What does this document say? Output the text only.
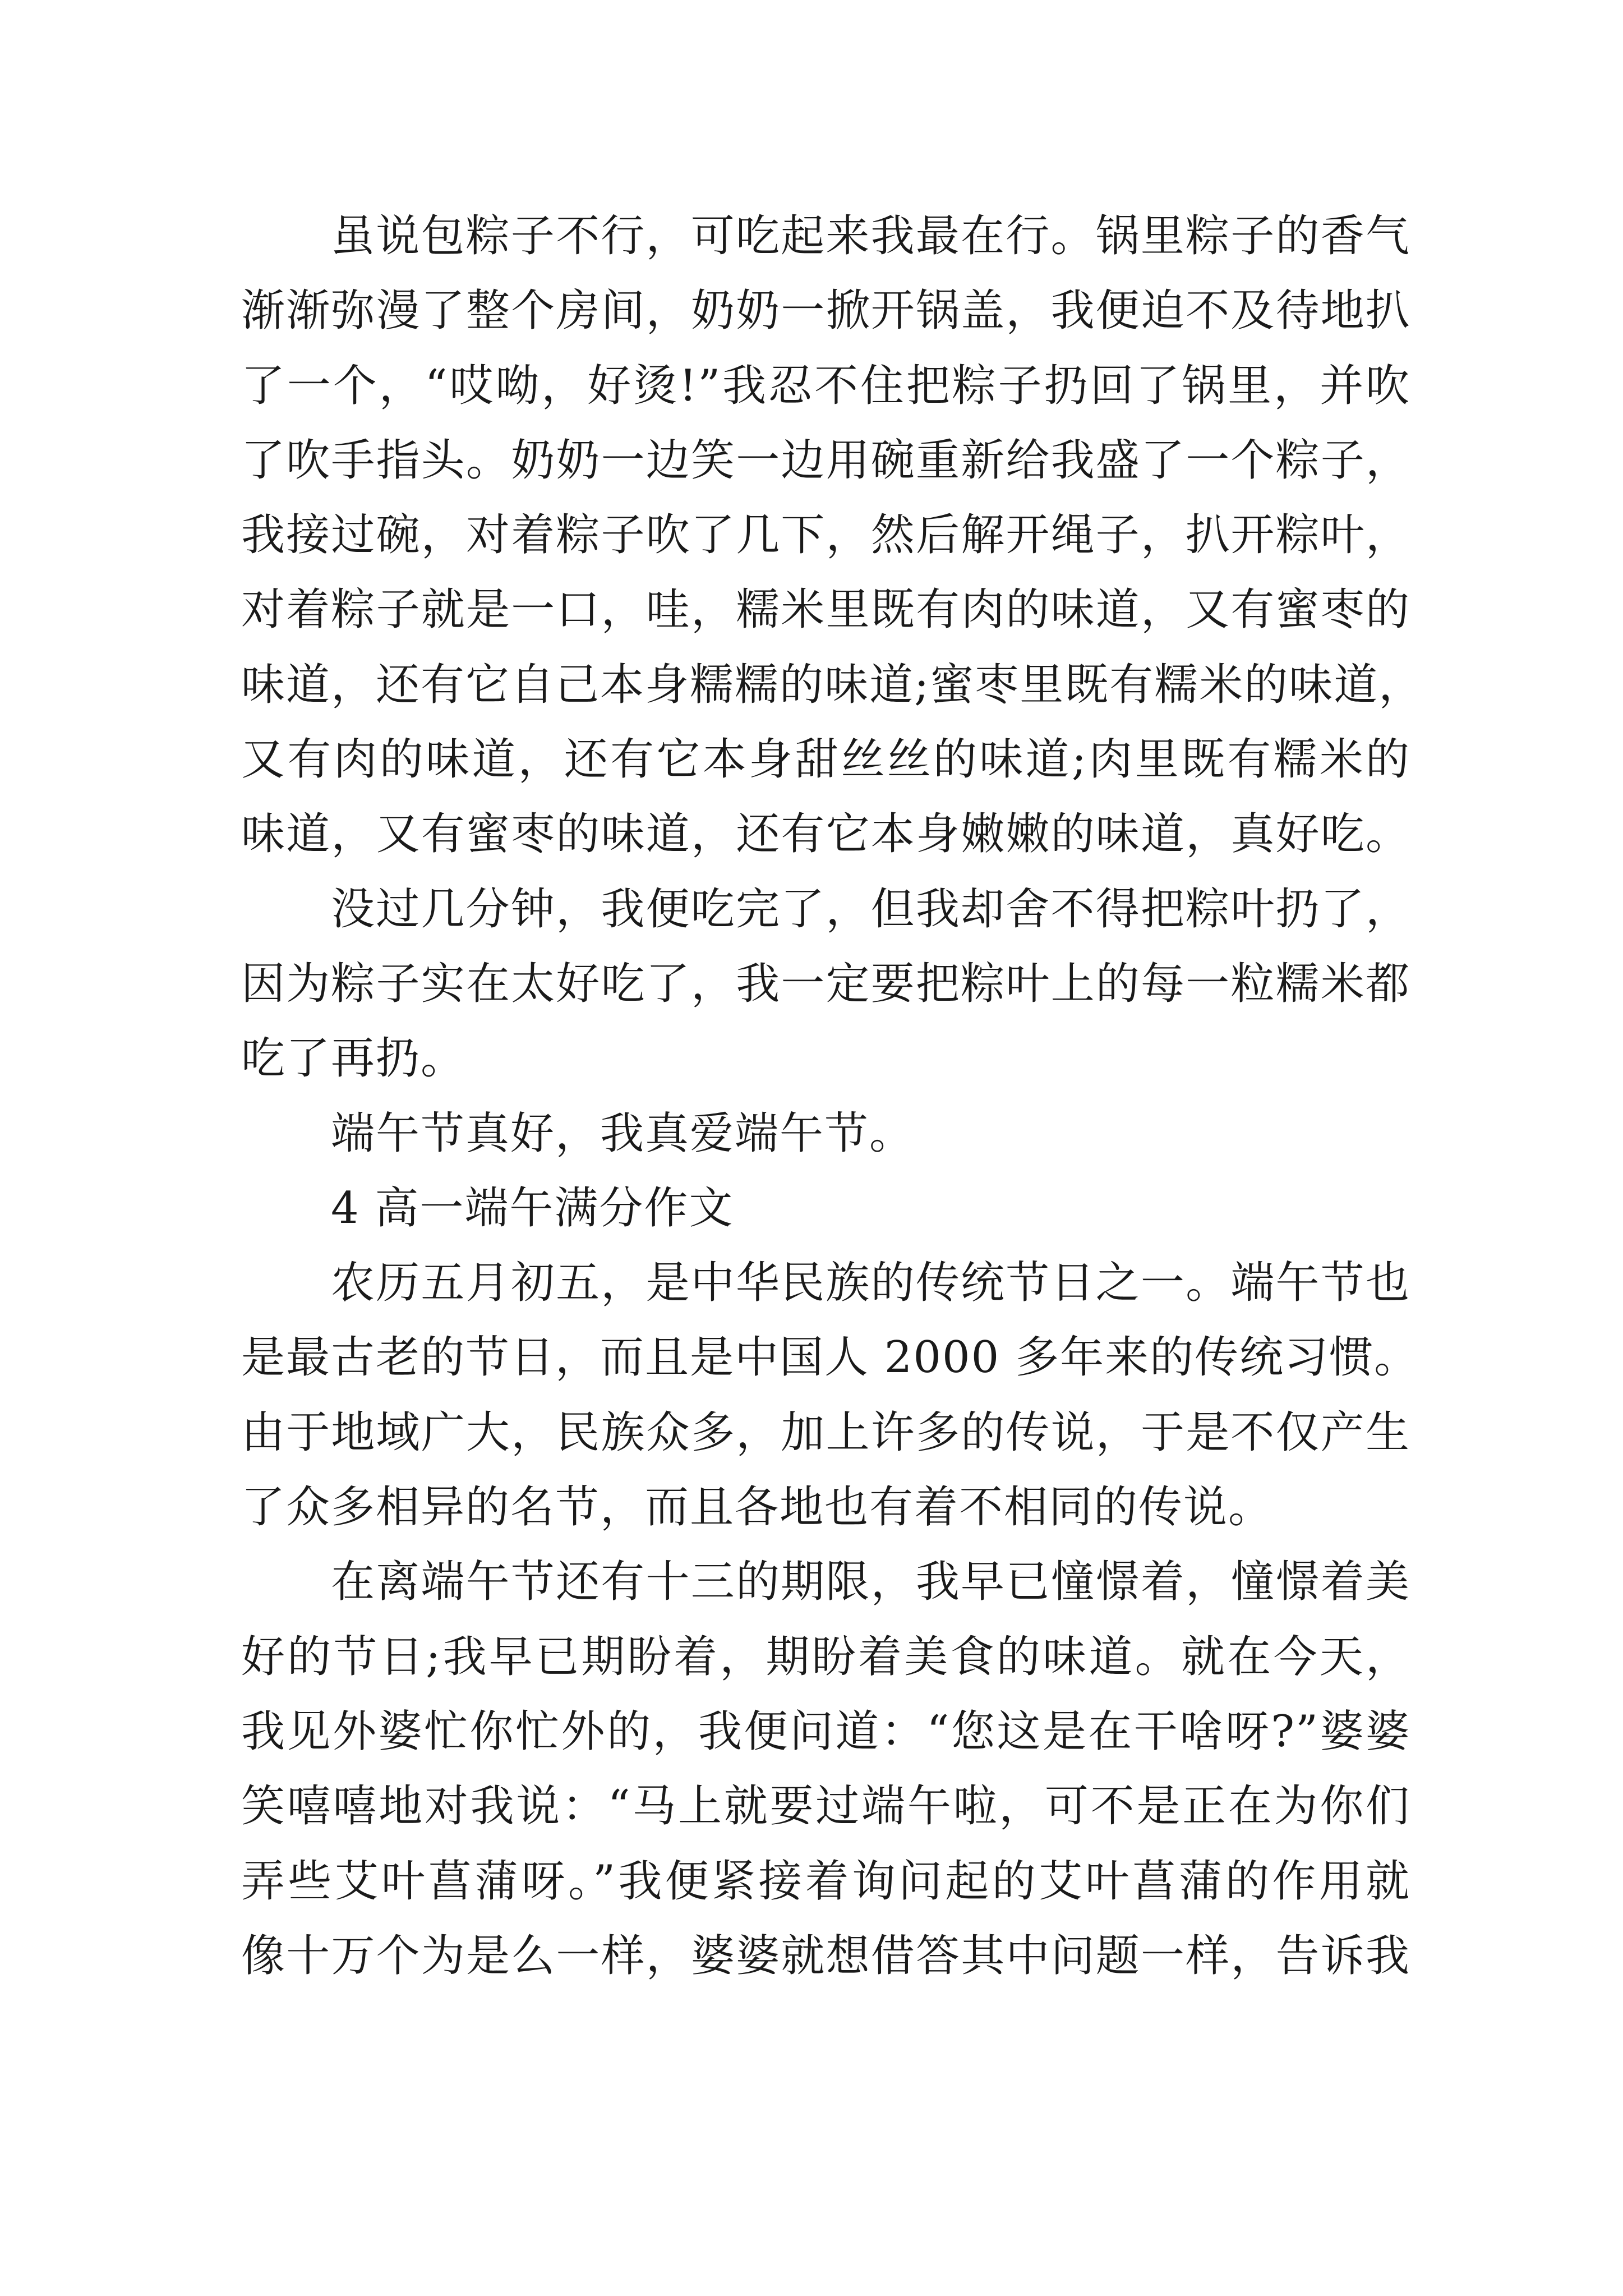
虽说包粽子不行，可吃起来我最在行。锅里粽子的香气
渐渐弥漫了整个房间，奶奶一掀开锅盖，我便迫不及待地扒
了一个，“哎呦，好烫!”我忍不住把粽子扔回了锅里，并吹
了吹手指头。奶奶一边笑一边用碗重新给我盛了一个粽子，
我接过碗，对着粽子吹了几下，然后解开绳子，扒开粽叶，
对着粽子就是一口，哇，糯米里既有肉的味道，又有蜜枣的
味道，还有它自己本身糯糯的味道;蜜枣里既有糯米的味道，
又有肉的味道，还有它本身甜丝丝的味道;肉里既有糯米的
味道，又有蜜枣的味道，还有它本身嫩嫩的味道，真好吃。
没过几分钟，我便吃完了，但我却舍不得把粽叶扔了，
因为粽子实在太好吃了，我一定要把粽叶上的每一粒糯米都
吃了再扔。
端午节真好，我真爱端午节。
4 高一端午满分作文
农历五月初五，是中华民族的传统节日之一。端午节也
是最古老的节日，而且是中国人 2000 多年来的传统习惯。
由于地域广大，民族众多，加上许多的传说，于是不仅产生
了众多相异的名节，而且各地也有着不相同的传说。
在离端午节还有十三的期限，我早已憧憬着，憧憬着美
好的节日;我早已期盼着，期盼着美食的味道。就在今天，
我见外婆忙你忙外的，我便问道：“您这是在干啥呀?”婆婆
笑嘻嘻地对我说：“马上就要过端午啦，可不是正在为你们
弄些艾叶菖蒲呀。”我便紧接着询问起的艾叶菖蒲的作用就
像十万个为是么一样，婆婆就想借答其中问题一样，告诉我
